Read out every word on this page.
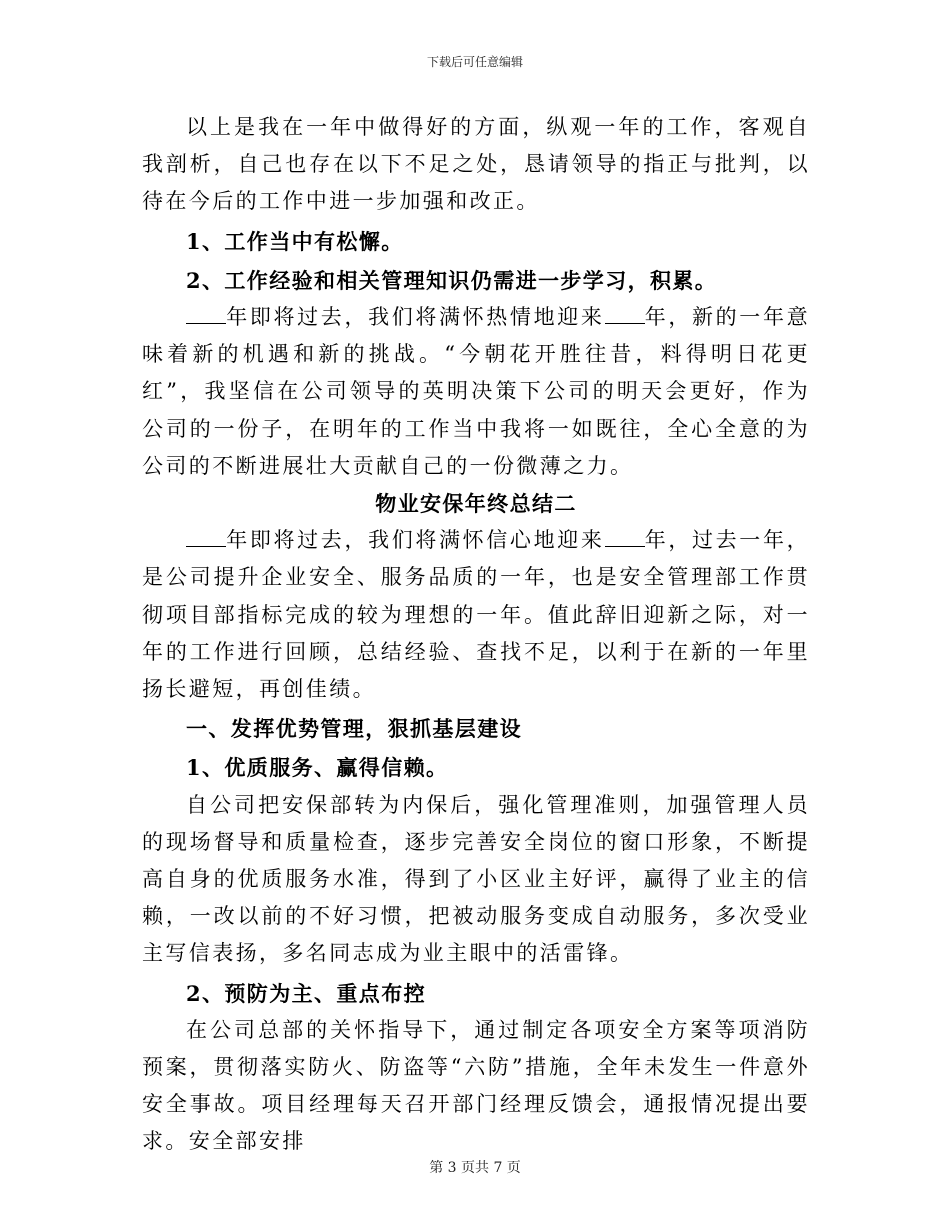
下载后可任意编辑

以上是我在一年中做得好的方面，纵观一年的工作，客观自我剖析，自己也存在以下不足之处，恳请领导的指正与批判，以待在今后的工作中进一步加强和改正。

1、工作当中有松懈。

2、工作经验和相关管理知识仍需进一步学习，积累。

年即将过去，我们将满怀热情地迎来 年，新的一年意味着新的机遇和新的挑战。“今朝花开胜往昔，料得明日花更红”，我坚信在公司领导的英明决策下公司的明天会更好，作为公司的一份子，在明年的工作当中我将一如既往，全心全意的为公司的不断进展壮大贡献自己的一份微薄之力。

物业安保年终总结二

年即将过去，我们将满怀信心地迎来 年，过去一年，是公司提升企业安全、服务品质的一年，也是安全管理部工作贯彻项目部指标完成的较为理想的一年。值此辞旧迎新之际，对一年的工作进行回顾，总结经验、查找不足，以利于在新的一年里扬长避短，再创佳绩。

一、发挥优势管理，狠抓基层建设

1、优质服务、赢得信赖。

自公司把安保部转为内保后，强化管理准则，加强管理人员的现场督导和质量检查，逐步完善安全岗位的窗口形象，不断提高自身的优质服务水准，得到了小区业主好评，赢得了业主的信赖，一改以前的不好习惯，把被动服务变成自动服务，多次受业主写信表扬，多名同志成为业主眼中的活雷锋。

2、预防为主、重点布控

在公司总部的关怀指导下，通过制定各项安全方案等项消防预案，贯彻落实防火、防盗等“六防”措施，全年未发生一件意外安全事故。项目经理每天召开部门经理反馈会，通报情况提出要求。安全部安排

第 3 页共 7 页
